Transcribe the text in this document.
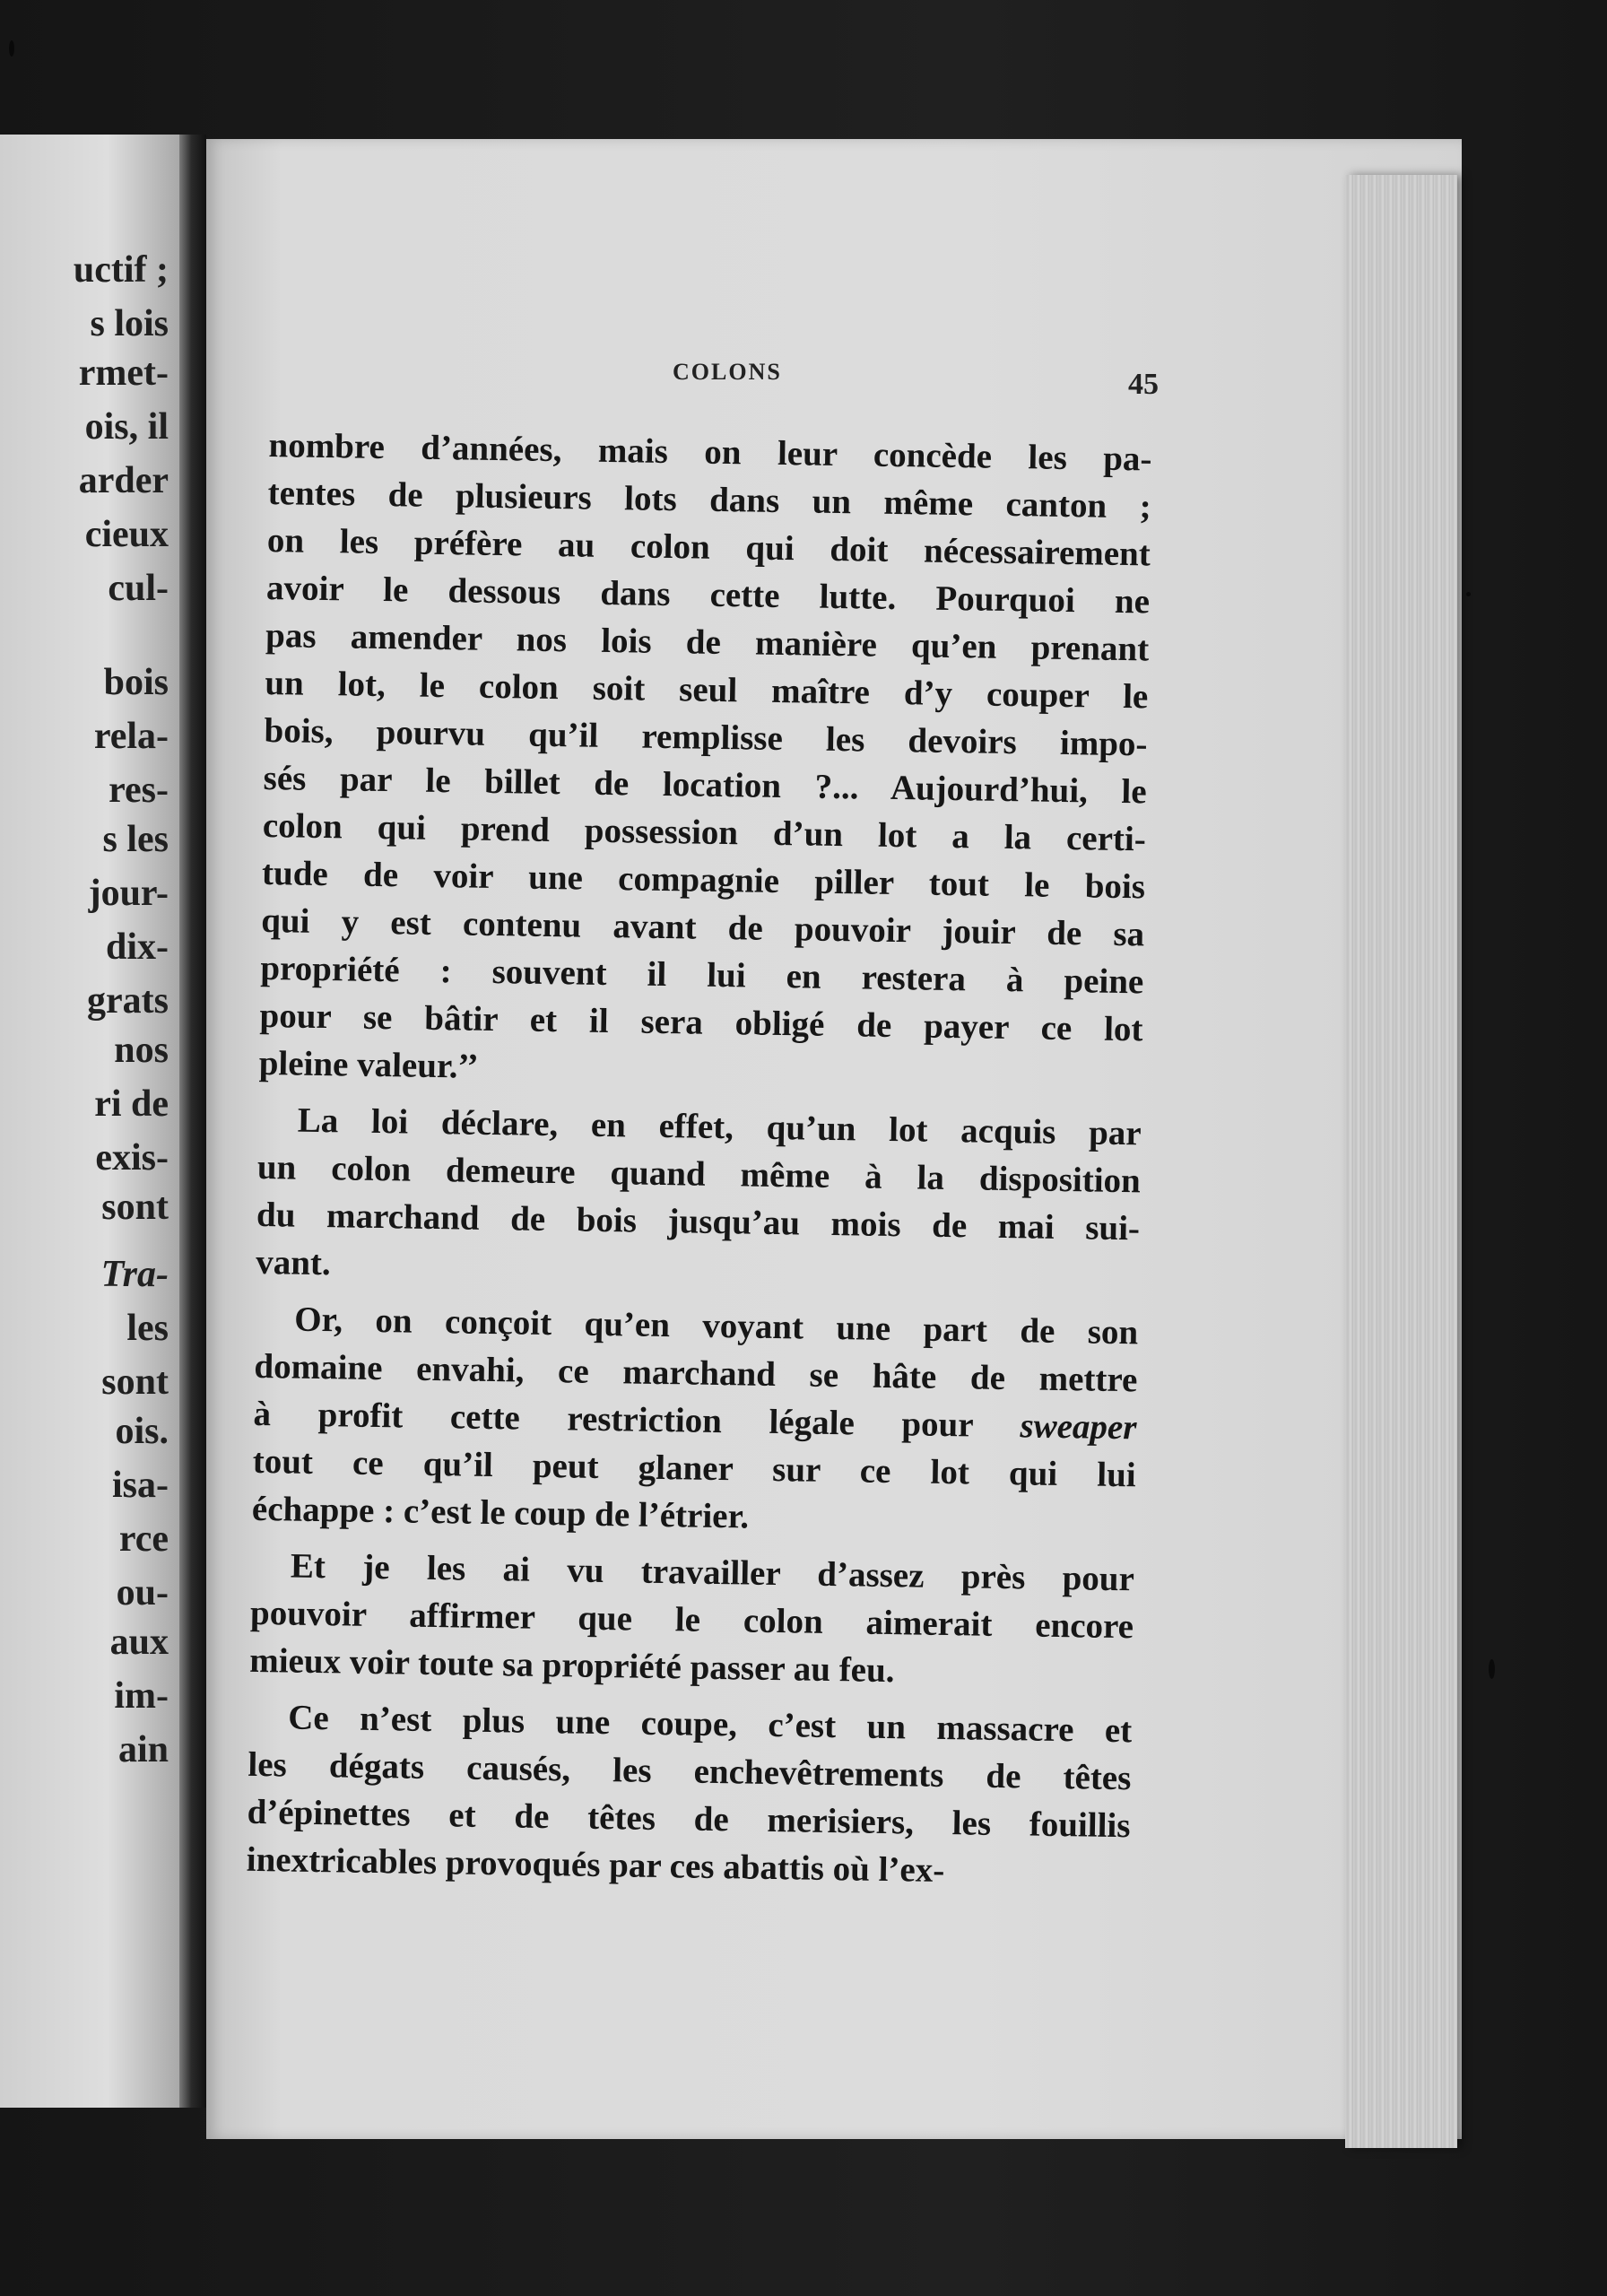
uctif ;
s lois
rmet-
ois, il
arder
cieux
cul-
bois
rela-
res-
s les
jour-
dix-
grats
nos
ri de
exis-
sont
Tra-
les
sont
ois.
isa-
rce
ou-
aux
im-
ain
COLONS	45
nombre d’années, mais on leur concède les pa-
tentes de plusieurs lots dans un même canton ;
on les préfère au colon qui doit nécessairement
avoir le dessous dans cette lutte. Pourquoi ne
pas amender nos lois de manière qu’en prenant
un lot, le colon soit seul maître d’y couper le
bois, pourvu qu’il remplisse les devoirs impo-
sés par le billet de location ?... Aujourd’hui, le
colon qui prend possession d’un lot a la certi-
tude de voir une compagnie piller tout le bois
qui y est contenu avant de pouvoir jouir de sa
propriété : souvent il lui en restera à peine
pour se bâtir et il sera obligé de payer ce lot
pleine valeur.’’
La loi déclare, en effet, qu’un lot acquis par
un colon demeure quand même à la disposition
du marchand de bois jusqu’au mois de mai sui-
vant.
Or, on conçoit qu’en voyant une part de son
domaine envahi, ce marchand se hâte de mettre
à profit cette restriction légale pour sweaper
tout ce qu’il peut glaner sur ce lot qui lui
échappe : c’est le coup de l’étrier.
Et je les ai vu travailler d’assez près pour
pouvoir affirmer que le colon aimerait encore
mieux voir toute sa propriété passer au feu.
Ce n’est plus une coupe, c’est un massacre et
les dégats causés, les enchevêtrements de têtes
d’épinettes et de têtes de merisiers, les fouillis
inextricables provoqués par ces abattis où l’ex-
